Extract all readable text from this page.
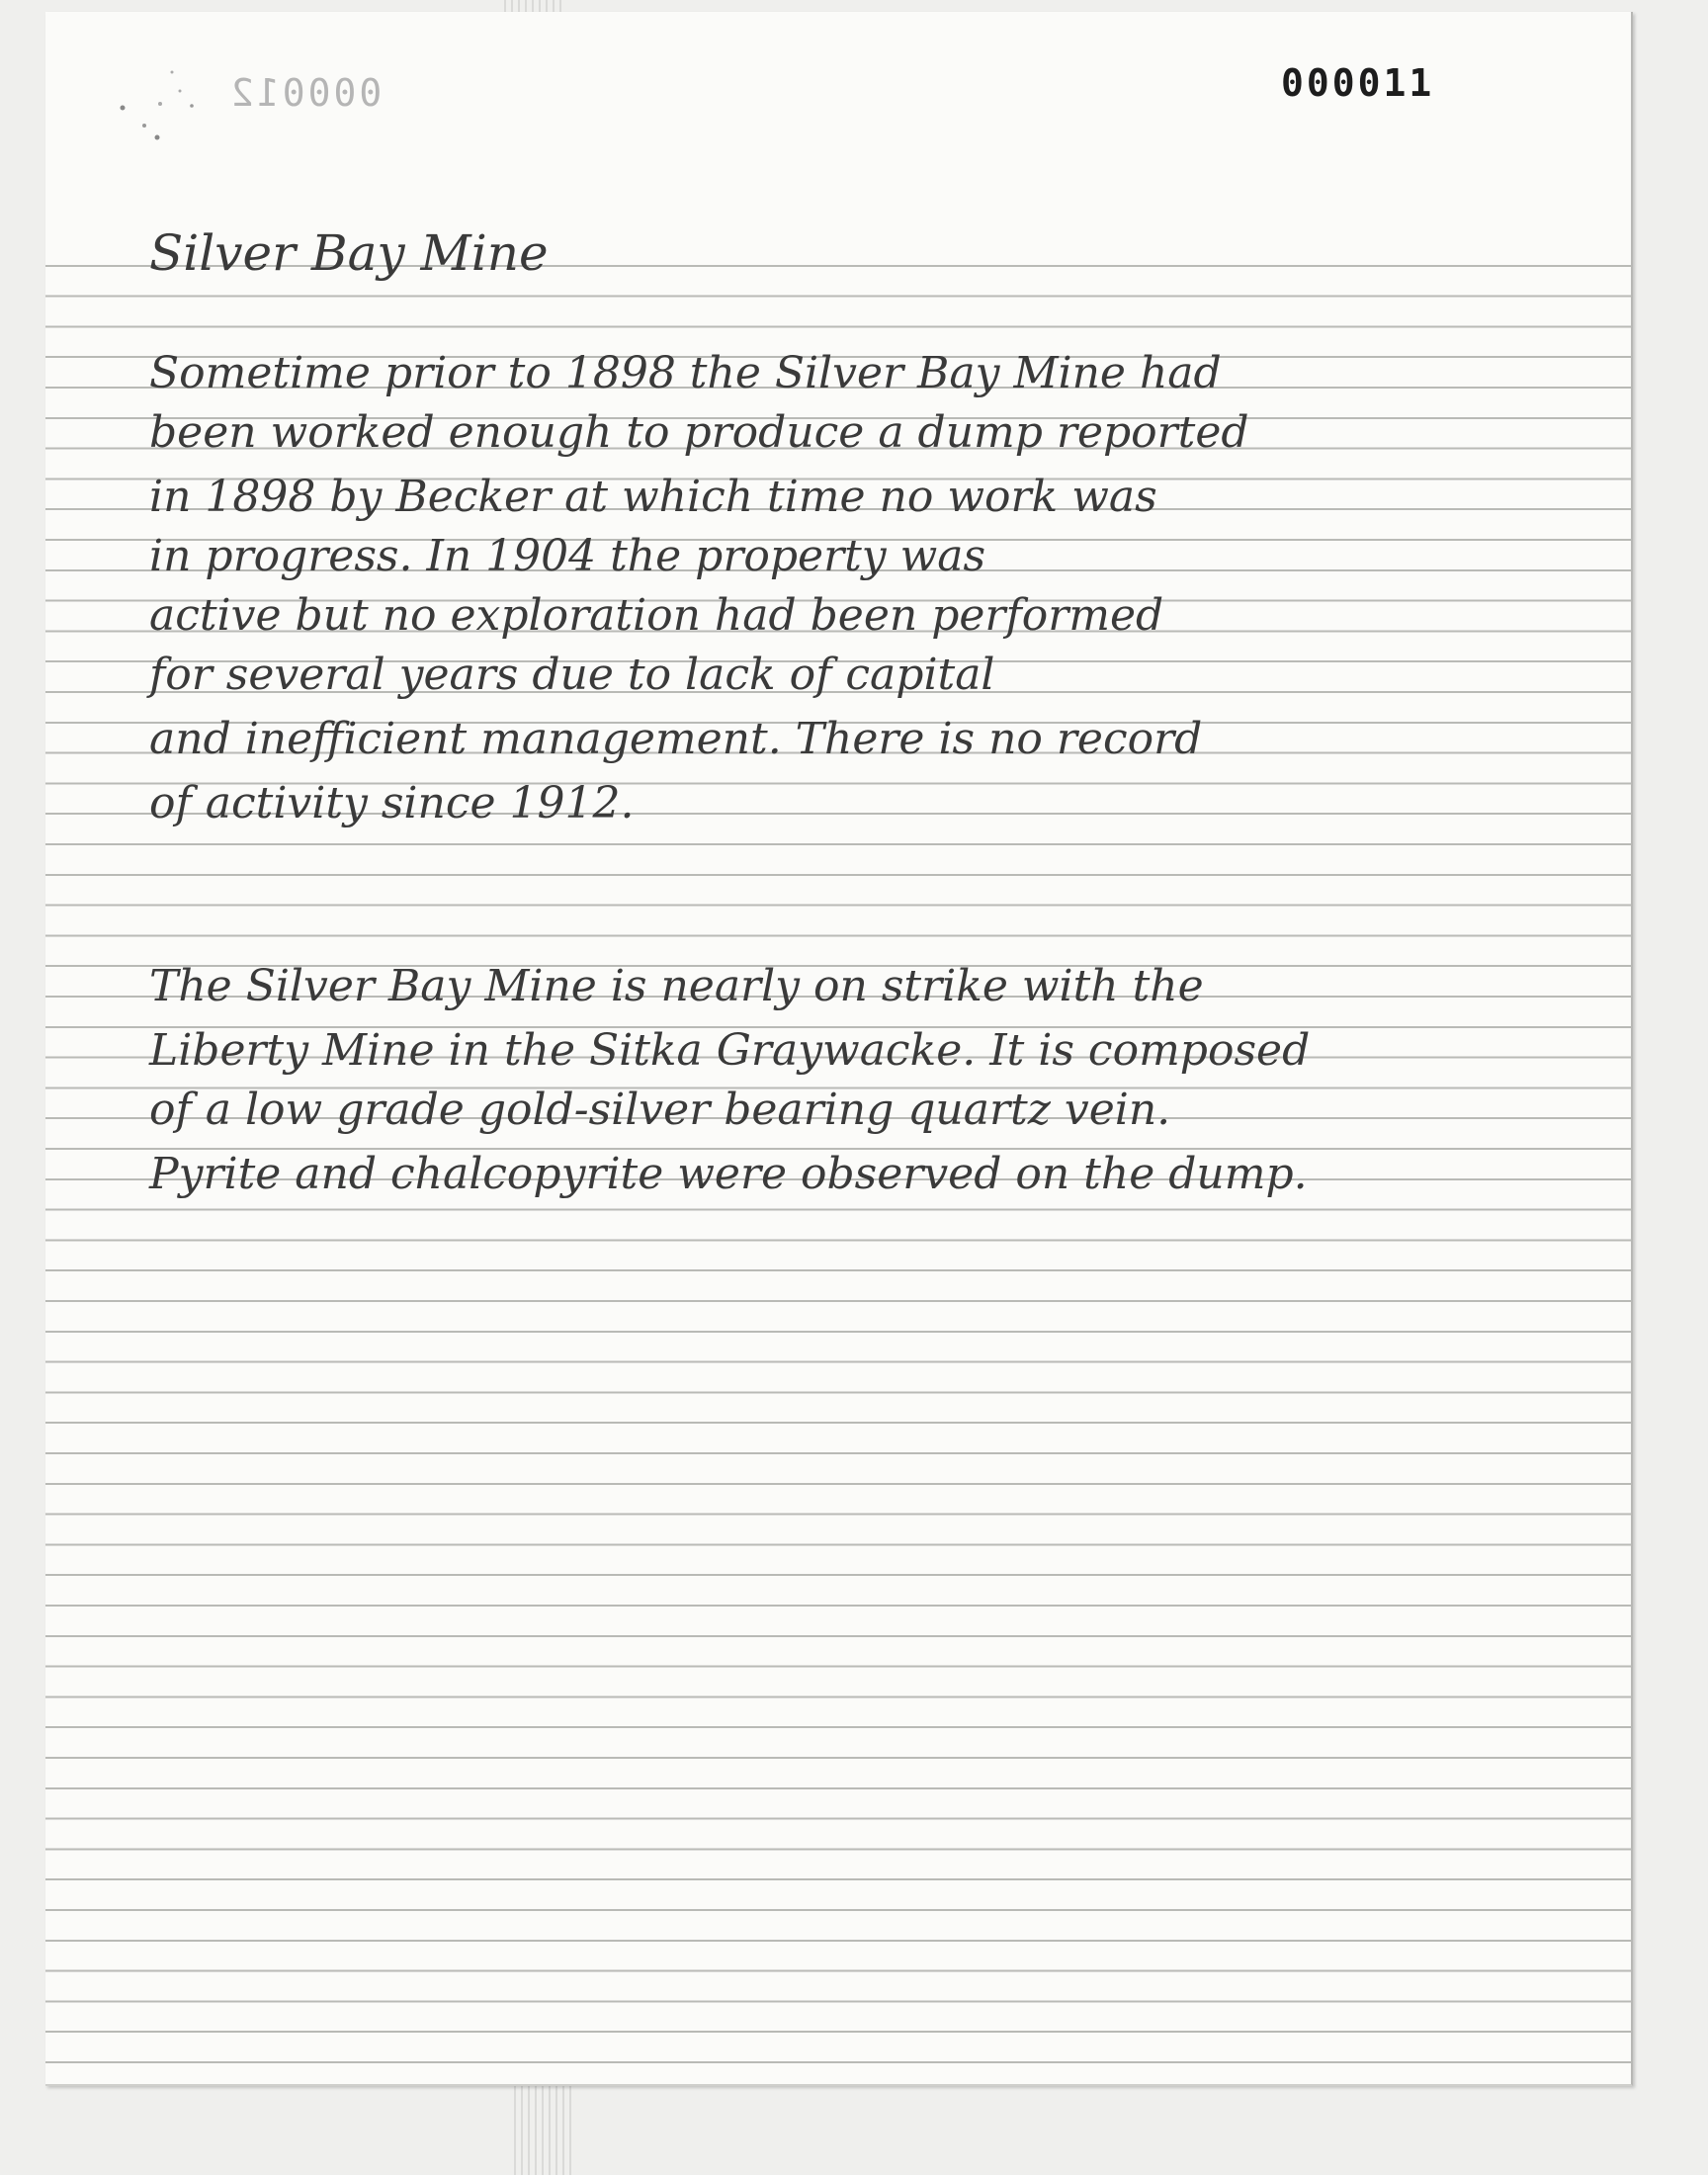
000012	000011
Silver Bay Mine
Sometime prior to 1898 the Silver Bay Mine had
been worked enough to produce a dump reported
in 1898 by Becker at which time no work was
in progress. In 1904 the property was
active but no exploration had been performed
for several years due to lack of capital
and inefficient management. There is no record
of activity since 1912.
The Silver Bay Mine is nearly on strike with the
Liberty Mine in the Sitka Graywacke. It is composed
of a low grade gold-silver bearing quartz vein.
Pyrite and chalcopyrite were observed on the dump.
